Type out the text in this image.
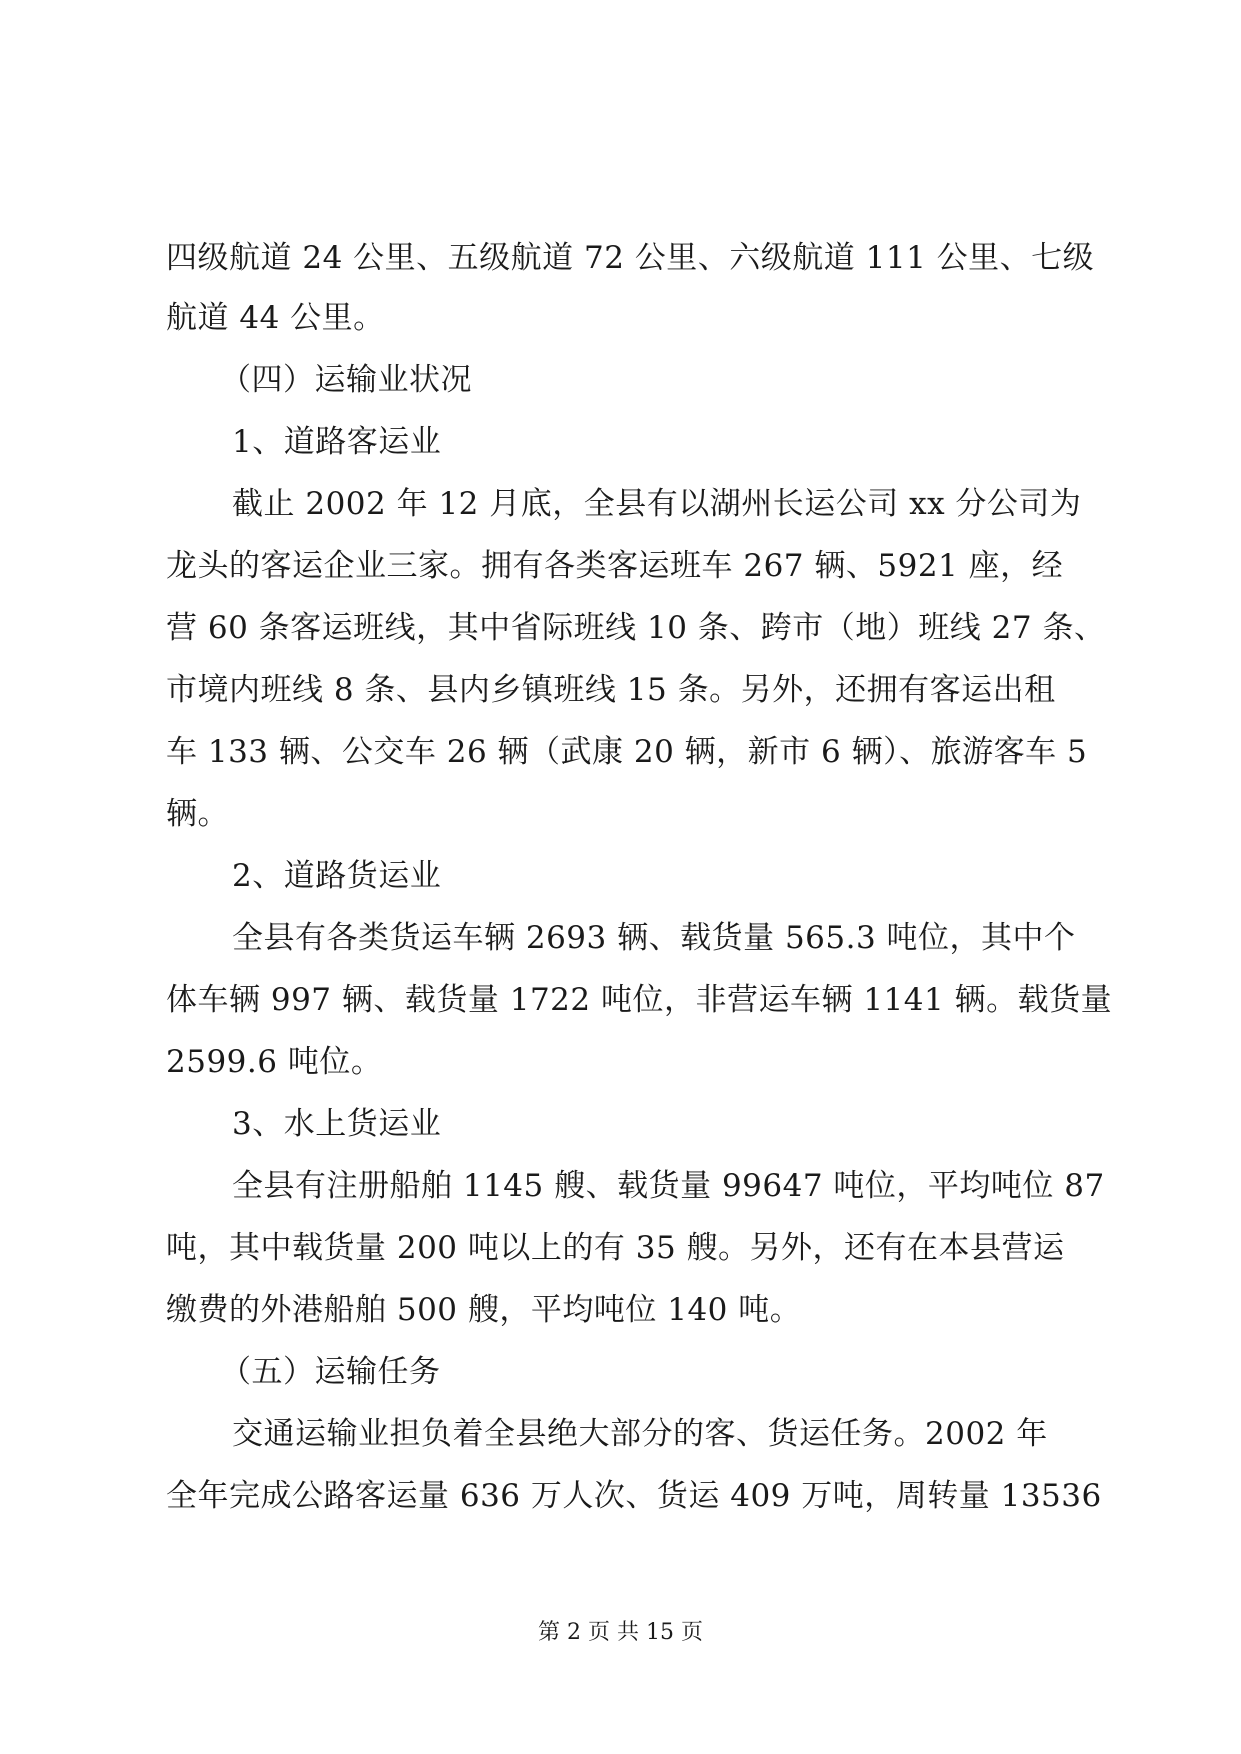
四级航道 24 公里、五级航道 72 公里、六级航道 111 公里、七级
航道 44 公里。
（四）运输业状况
1、道路客运业
截止 2002 年 12 月底，全县有以湖州长运公司 xx 分公司为
龙头的客运企业三家。拥有各类客运班车 267 辆、5921 座，经
营 60 条客运班线，其中省际班线 10 条、跨市（地）班线 27 条、
市境内班线 8 条、县内乡镇班线 15 条。另外，还拥有客运出租
车 133 辆、公交车 26 辆（武康 20 辆，新市 6 辆）、旅游客车 5
辆。
2、道路货运业
全县有各类货运车辆 2693 辆、载货量 565.3 吨位，其中个
体车辆 997 辆、载货量 1722 吨位，非营运车辆 1141 辆。载货量
2599.6 吨位。
3、水上货运业
全县有注册船舶 1145 艘、载货量 99647 吨位，平均吨位 87
吨，其中载货量 200 吨以上的有 35 艘。另外，还有在本县营运
缴费的外港船舶 500 艘，平均吨位 140 吨。
（五）运输任务
交通运输业担负着全县绝大部分的客、货运任务。2002 年
全年完成公路客运量 636 万人次、货运 409 万吨，周转量 13536
第 2 页 共 15 页
